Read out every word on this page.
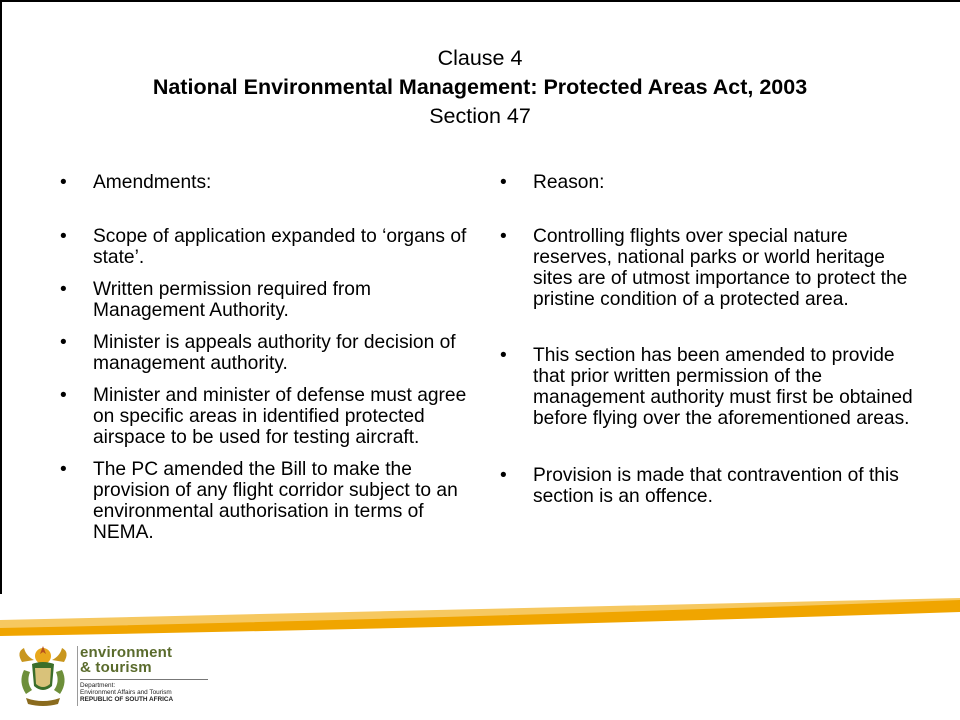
Clause 4
National Environmental Management: Protected Areas Act, 2003
Section 47
• Amendments:
• Scope of application expanded to ‘organs of state’.
• Written permission required from Management Authority.
• Minister is appeals authority for decision of management authority.
• Minister and minister of defense must agree on specific areas in identified protected airspace to be used for testing aircraft.
• The PC amended the Bill to make the provision of any flight corridor subject to an environmental authorisation in terms of NEMA.
• Reason:
• Controlling flights over special nature reserves, national parks or world heritage sites are of utmost importance to protect the pristine condition of a protected area.
• This section has been amended to provide that prior written permission of the management authority must first be obtained before flying over the aforementioned areas.
• Provision is made that contravention of this section is an offence.
environment
& tourism
Department:
Environment Affairs and Tourism
REPUBLIC OF SOUTH AFRICA
